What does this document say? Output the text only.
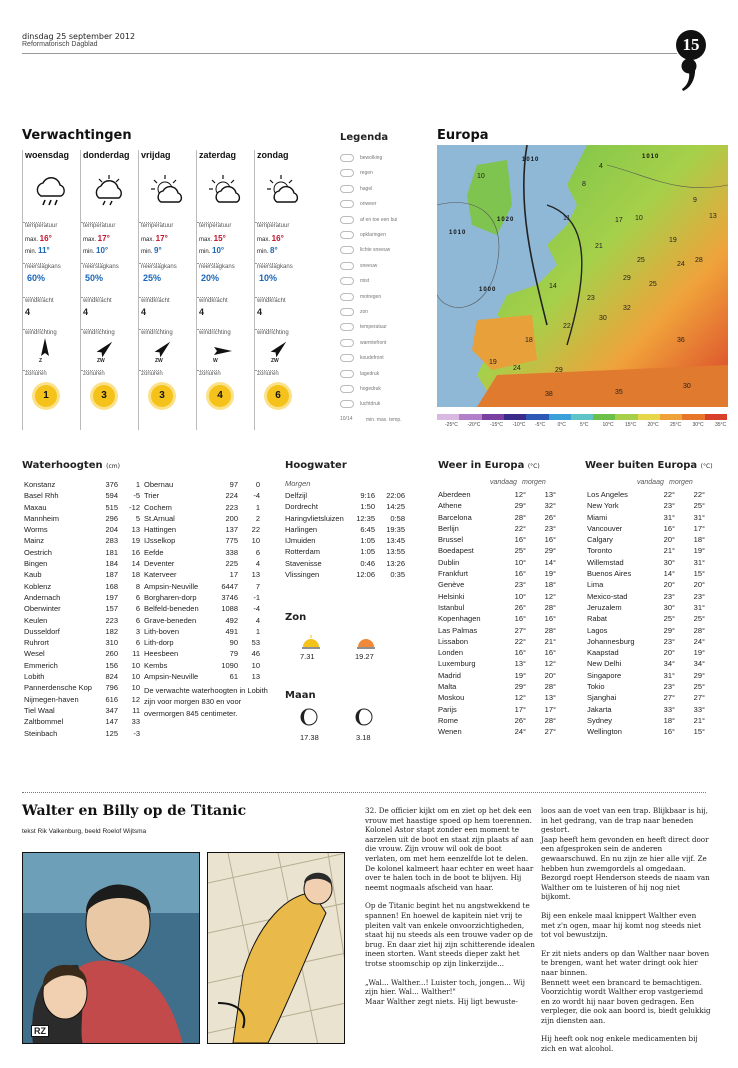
dinsdag 25 september 2012
Reformatorisch Dagblad	15
Verwachtingen
woensdag
temperatuur
max. 16°
min. 11°
neerslagkans
60%
windkracht
4
windrichting
Z
zonuren
1
donderdag
temperatuur
max. 17°
min. 10°
neerslagkans
50%
windkracht
4
windrichting
ZW
zonuren
3
vrijdag
temperatuur
max. 17°
min. 9°
neerslagkans
25%
windkracht
4
windrichting
ZW
zonuren
3
zaterdag
temperatuur
max. 15°
min. 10°
neerslagkans
20%
windkracht
4
windrichting
W
zonuren
4
zondag
temperatuur
max. 16°
min. 8°
neerslagkans
10%
windkracht
4
windrichting
ZW
zonuren
6
Legenda
bewolking
regen
hagel
onweer
af en toe een bui
opklaringen
lichte sneeuw
sneeuw
mist
motregen
zon
temperatuur
warmtefront
koudefront
lagedruk
hogedruk
luchtdruk
10/14	min. max. temp.
Europa
1010	1010
1020
1010
1000
4
10
8
9
13
11	10
17
21
19
25
24
28
29
23
25
30
32
22
14
18
19
24	29
36
30
38	35
-25°C -20°C -15°C -10°C -5°C 0°C	5°C	10°C 15°C 20°C 25°C 30°C 35°C
Waterhoogten (cm)
Konstanz	376	1
Basel Rhh	594	-5
Maxau	515	-12
Mannheim	296	5
Worms	204	13
Mainz	283	19
Oestrich	181	16
Bingen	184	14
Kaub	187	18
Koblenz	168	8
Andernach	197	6
Oberwinter	157	6
Keulen	223	6
Dusseldorf	182	3
Ruhrort	310	6
Wesel	260	11
Emmerich	156	10
Lobith	824	10
Pannerdensche Kop	796	10
Nijmegen-haven	616	12
Tiel Waal	347	11
Zaltbommel	147	33
Steinbach	125	-3
Obernau	97	0
Trier	224	-4
Cochem	223	1
St.Arnual	200	2
Hattingen	137	22
IJsselkop	775	10
Eefde	338	6
Deventer	225	4
Katerveer	17	13
Ampsin-Neuville	6447	7
Borgharen-dorp	3746	-1
Belfeld-beneden	1088	-4
Grave-beneden	492	4
Lith-boven	491	1
Lith-dorp	90	53
Heesbeen	79	46
Kembs	1090	10
Ampsin-Neuville	61	13
De verwachte waterhoogten in Lobith zijn voor morgen 830 en voor overmorgen 845 centimeter.
Hoogwater
Morgen
Delfzijl	9:16	22:06
Dordrecht	1:50	14:25
Haringvlietsluizen	12:35	0:58
Harlingen	6:45	19:35
IJmuiden	1:05	13:45
Rotterdam	1:05	13:55
Stavenisse	0:46	13:26
Vlissingen	12:06	0:35
Zon
7.31	19.27
Maan
17.38	3.18
Weer in Europa (°C)
vandaag morgen
Aberdeen	12°	13°
Athene	29°	32°
Barcelona	28°	26°
Berlijn	22°	23°
Brussel	16°	16°
Boedapest	25°	29°
Dublin	10°	14°
Frankfurt	16°	19°
Genève	23°	18°
Helsinki	10°	12°
Istanbul	26°	28°
Kopenhagen	16°	16°
Las Palmas	27°	28°
Lissabon	22°	21°
Londen	16°	16°
Luxemburg	13°	12°
Madrid	19°	20°
Malta	29°	28°
Moskou	12°	13°
Parijs	17°	17°
Rome	26°	28°
Wenen	24°	27°
Weer buiten Europa (°C)
vandaag morgen
Los Angeles	22°	22°
New York	23°	25°
Miami	31°	31°
Vancouver	16°	17°
Calgary	20°	18°
Toronto	21°	19°
Willemstad	30°	31°
Buenos Aires	14°	15°
Lima	20°	20°
Mexico-stad	23°	23°
Jeruzalem	30°	31°
Rabat	25°	25°
Lagos	29°	28°
Johannesburg	23°	24°
Kaapstad	20°	19°
New Delhi	34°	34°
Singapore	31°	29°
Tokio	23°	25°
Sjanghai	27°	27°
Jakarta	33°	33°
Sydney	18°	21°
Wellington	16°	15°
Walter en Billy op de Titanic
tekst Rik Valkenburg, beeld Roelof Wijtsma
RZ

32. De officier kijkt om en ziet op het dek een vrouw met haastige spoed op hem toerennen.

Kolonel Astor stapt zonder een moment te aarzelen uit de boot en staat zijn plaats af aan die vrouw. Zijn vrouw wil ook de boot verlaten, om met hem eenzelfde lot te delen. De kolonel kalmeert haar echter en weet haar over te halen toch in de boot te blijven. Hij neemt nogmaals afscheid van haar.

Op de Titanic begint het nu angstwekkend te spannen! En hoewel de kapitein niet vrij te pleiten valt van enkele onvoorzichtigheden, staat hij nu steeds als een trouwe vader op de brug. En daar ziet hij zijn schitterende idealen ineen storten. Want steeds dieper zakt het trotse stoomschip op zijn linkerzijde...

„Wal... Walther...! Luister toch, jongen... Wij zijn hier. Wal... Walther!"

Maar Walther zegt niets. Hij ligt bewuste-

loos aan de voet van een trap. Blijkbaar is hij, in het gedrang, van de trap naar beneden gestort.

Jaap heeft hem gevonden en heeft direct door een afgesproken sein de anderen gewaarschuwd. En nu zijn ze hier alle vijf. Ze hebben hun zwemgordels al omgedaan. Bezorgd roept Henderson steeds de naam van Walther om te luisteren of hij nog niet bijkomt.

Bij een enkele maal knippert Walther even met z'n ogen, maar hij komt nog steeds niet tot vol bewustzijn.

Er zit niets anders op dan Walther naar boven te brengen, want het water dringt ook hier naar binnen.

Bennett weet een brancard te bemachtigen. Voorzichtig wordt Walther erop vastgeriemd en zo wordt hij naar boven gedragen. Een verpleger, die ook aan boord is, biedt gelukkig zijn diensten aan.

Hij heeft ook nog enkele medicamenten bij zich en wat alcohol.
